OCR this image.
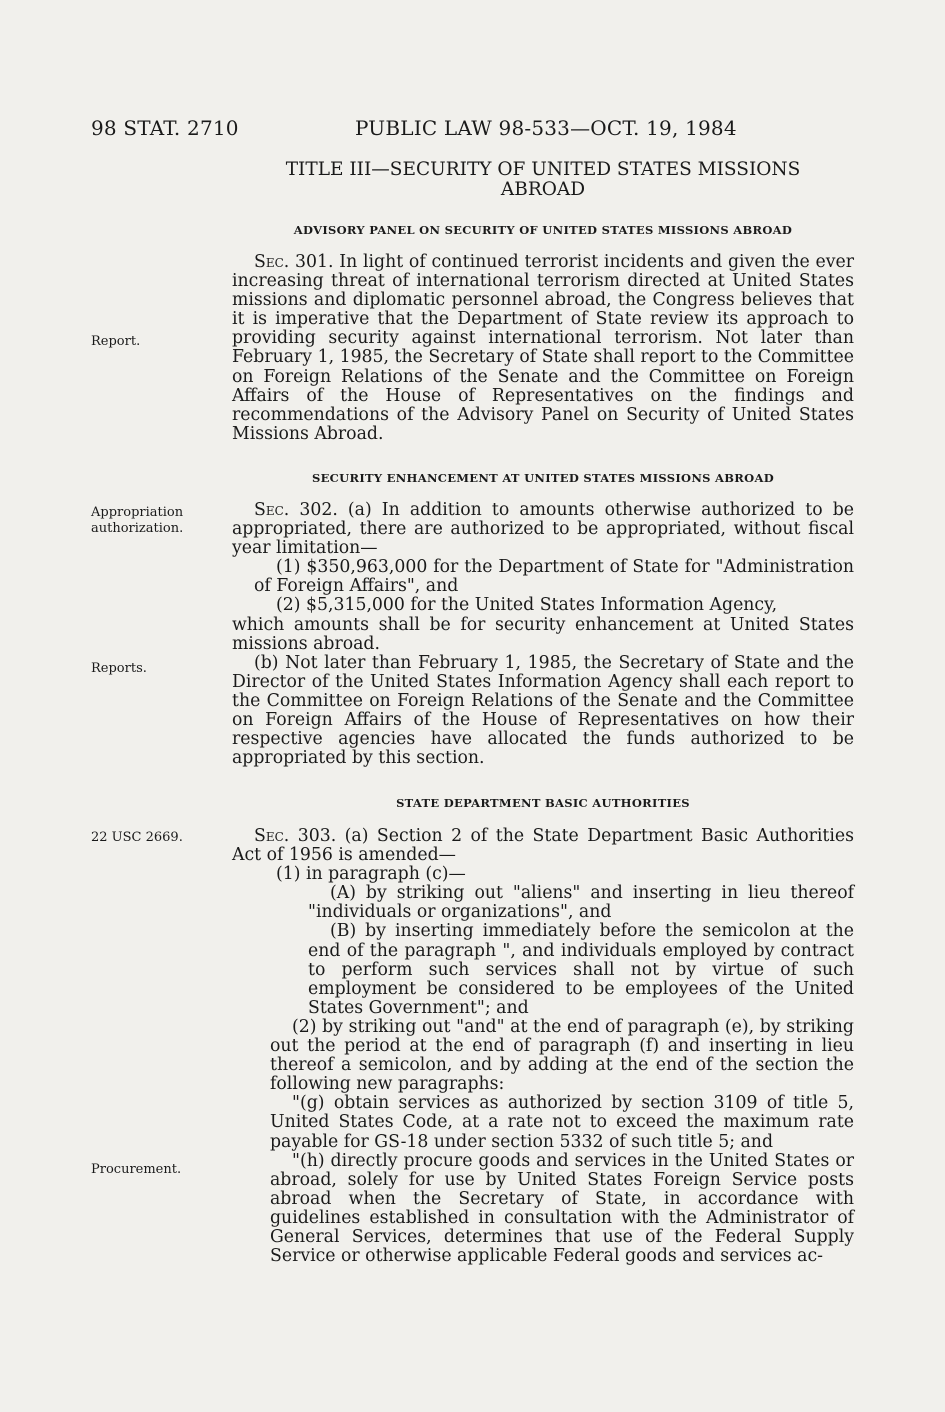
98 STAT. 2710	PUBLIC LAW 98-533—OCT. 19, 1984
TITLE III—SECURITY OF UNITED STATES MISSIONS
ABROAD
ADVISORY PANEL ON SECURITY OF UNITED STATES MISSIONS ABROAD

Sec. 301. In light of continued terrorist incidents and given the ever increasing threat of international terrorism directed at United States missions and diplomatic personnel abroad, the Congress believes that it is imperative that the Department of State review its approach to providing security against international terrorism. Not later than February 1, 1985, the Secretary of State shall report to the Committee on Foreign Relations of the Senate and the Committee on Foreign Affairs of the House of Representatives on the findings and recommendations of the Advisory Panel on Security of United States Missions Abroad.

Report.
SECURITY ENHANCEMENT AT UNITED STATES MISSIONS ABROAD
Appropriation
authorization.

Sec. 302. (a) In addition to amounts otherwise authorized to be appropriated, there are authorized to be appropriated, without fiscal year limitation—

(1) $350,963,000 for the Department of State for "Administration of Foreign Affairs", and

(2) $5,315,000 for the United States Information Agency,

which amounts shall be for security enhancement at United States missions abroad.

(b) Not later than February 1, 1985, the Secretary of State and the Director of the United States Information Agency shall each report to the Committee on Foreign Relations of the Senate and the Committee on Foreign Affairs of the House of Representatives on how their respective agencies have allocated the funds authorized to be appropriated by this section.

Reports.
STATE DEPARTMENT BASIC AUTHORITIES
22 USC 2669.	Sec. 303. (a) Section 2 of the State Department Basic Authorities Act of 1956 is amended—

(1) in paragraph (c)—

(A) by striking out "aliens" and inserting in lieu thereof "individuals or organizations", and

(B) by inserting immediately before the semicolon at the end of the paragraph ", and individuals employed by contract to perform such services shall not by virtue of such employment be considered to be employees of the United States Government"; and

(2) by striking out "and" at the end of paragraph (e), by striking out the period at the end of paragraph (f) and inserting in lieu thereof a semicolon, and by adding at the end of the section the following new paragraphs:

"(g) obtain services as authorized by section 3109 of title 5, United States Code, at a rate not to exceed the maximum rate payable for GS-18 under section 5332 of such title 5; and

"(h) directly procure goods and services in the United States or abroad, solely for use by United States Foreign Service posts abroad when the Secretary of State, in accordance with guidelines established in consultation with the Administrator of General Services, determines that use of the Federal Supply Service or otherwise applicable Federal goods and services ac-

Procurement.
